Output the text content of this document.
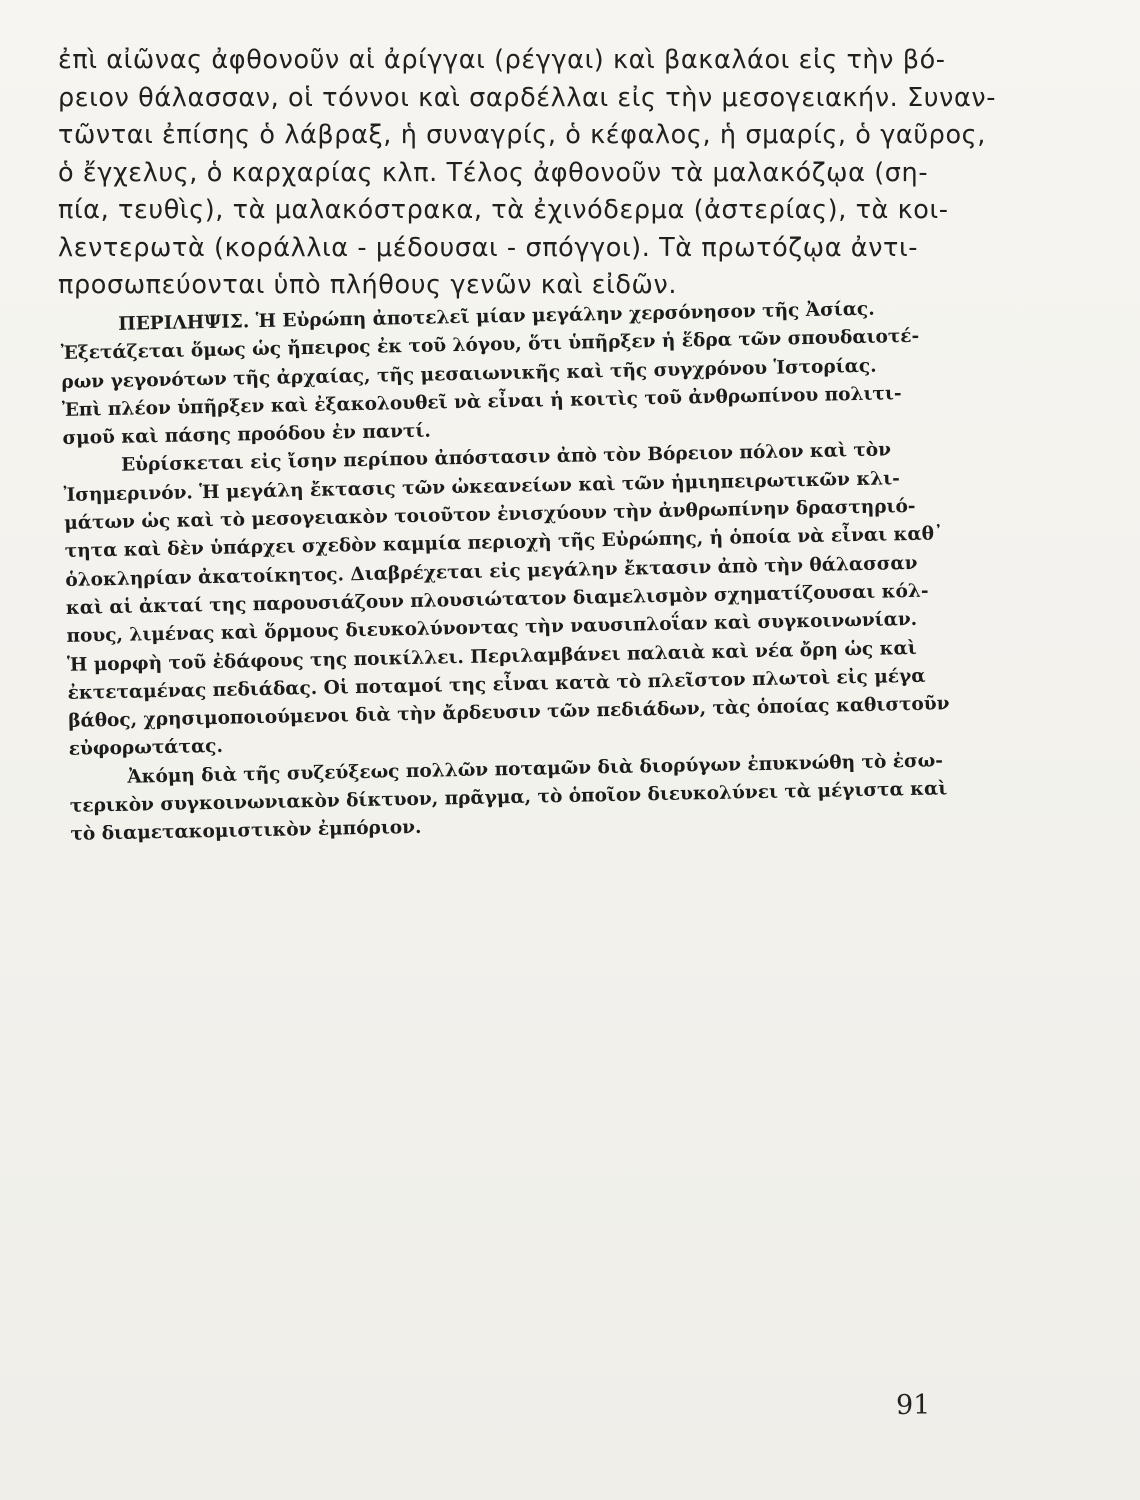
ἐπὶ αἰῶνας ἀφθονοῦν αἱ ἀρίγγαι (ρέγγαι) καὶ βακαλάοι εἰς τὴν βό-
ρειον θάλασσαν, οἱ τόννοι καὶ σαρδέλλαι εἰς τὴν μεσογειακήν. Συναν-
τῶνται ἐπίσης ὁ λάβραξ, ἡ συναγρίς, ὁ κέφαλος, ἡ σμαρίς, ὁ γαῦρος,
ὁ ἔγχελυς, ὁ καρχαρίας κλπ. Τέλος ἀφθονοῦν τὰ μαλακόζῳα (ση-
πία, τευθὶς), τὰ μαλακόστρακα, τὰ ἐχινόδερμα (ἀστερίας), τὰ κοι-
λεντερωτὰ (κοράλλια - μέδουσαι - σπόγγοι). Τὰ πρωτόζῳα ἀντι-
προσωπεύονται ὑπὸ πλήθους γενῶν καὶ εἰδῶν.
ΠΕΡΙΛΗΨΙΣ. Ἡ Εὐρώπη ἀποτελεῖ μίαν μεγάλην χερσόνησον τῆς Ἀσίας.
Ἐξετάζεται ὅμως ὡς ἤπειρος ἐκ τοῦ λόγου, ὅτι ὑπῆρξεν ἡ ἕδρα τῶν σπουδαιοτέ-
ρων γεγονότων τῆς ἀρχαίας, τῆς μεσαιωνικῆς καὶ τῆς συγχρόνου Ἱστορίας.
Ἐπὶ πλέον ὑπῆρξεν καὶ ἐξακολουθεῖ νὰ εἶναι ἡ κοιτὶς τοῦ ἀνθρωπίνου πολιτι-
σμοῦ καὶ πάσης προόδου ἐν παντί.
Εὑρίσκεται εἰς ἴσην περίπου ἀπόστασιν ἀπὸ τὸν Βόρειον πόλον καὶ τὸν
Ἰσημερινόν. Ἡ μεγάλη ἔκτασις τῶν ὠκεανείων καὶ τῶν ἡμιηπειρωτικῶν κλι-
μάτων ὡς καὶ τὸ μεσογειακὸν τοιοῦτον ἐνισχύουν τὴν ἀνθρωπίνην δραστηριό-
τητα καὶ δὲν ὑπάρχει σχεδὸν καμμία περιοχὴ τῆς Εὐρώπης, ἡ ὁποία νὰ εἶναι καθ᾽
ὁλοκληρίαν ἀκατοίκητος. Διαβρέχεται εἰς μεγάλην ἔκτασιν ἀπὸ τὴν θάλασσαν
καὶ αἱ ἀκταί της παρουσιάζουν πλουσιώτατον διαμελισμὸν σχηματίζουσαι κόλ-
πους, λιμένας καὶ ὅρμους διευκολύνοντας τὴν ναυσιπλοΐαν καὶ συγκοινωνίαν.
Ἡ μορφὴ τοῦ ἐδάφους της ποικίλλει. Περιλαμβάνει παλαιὰ καὶ νέα ὄρη ὡς καὶ
ἐκτεταμένας πεδιάδας. Οἱ ποταμοί της εἶναι κατὰ τὸ πλεῖστον πλωτοὶ εἰς μέγα
βάθος, χρησιμοποιούμενοι διὰ τὴν ἄρδευσιν τῶν πεδιάδων, τὰς ὁποίας καθιστοῦν
εὐφορωτάτας.
Ἀκόμη διὰ τῆς συζεύξεως πολλῶν ποταμῶν διὰ διορύγων ἐπυκνώθη τὸ ἐσω-
τερικὸν συγκοινωνιακὸν δίκτυον, πρᾶγμα, τὸ ὁποῖον διευκολύνει τὰ μέγιστα καὶ
τὸ διαμετακομιστικὸν ἐμπόριον.
91
